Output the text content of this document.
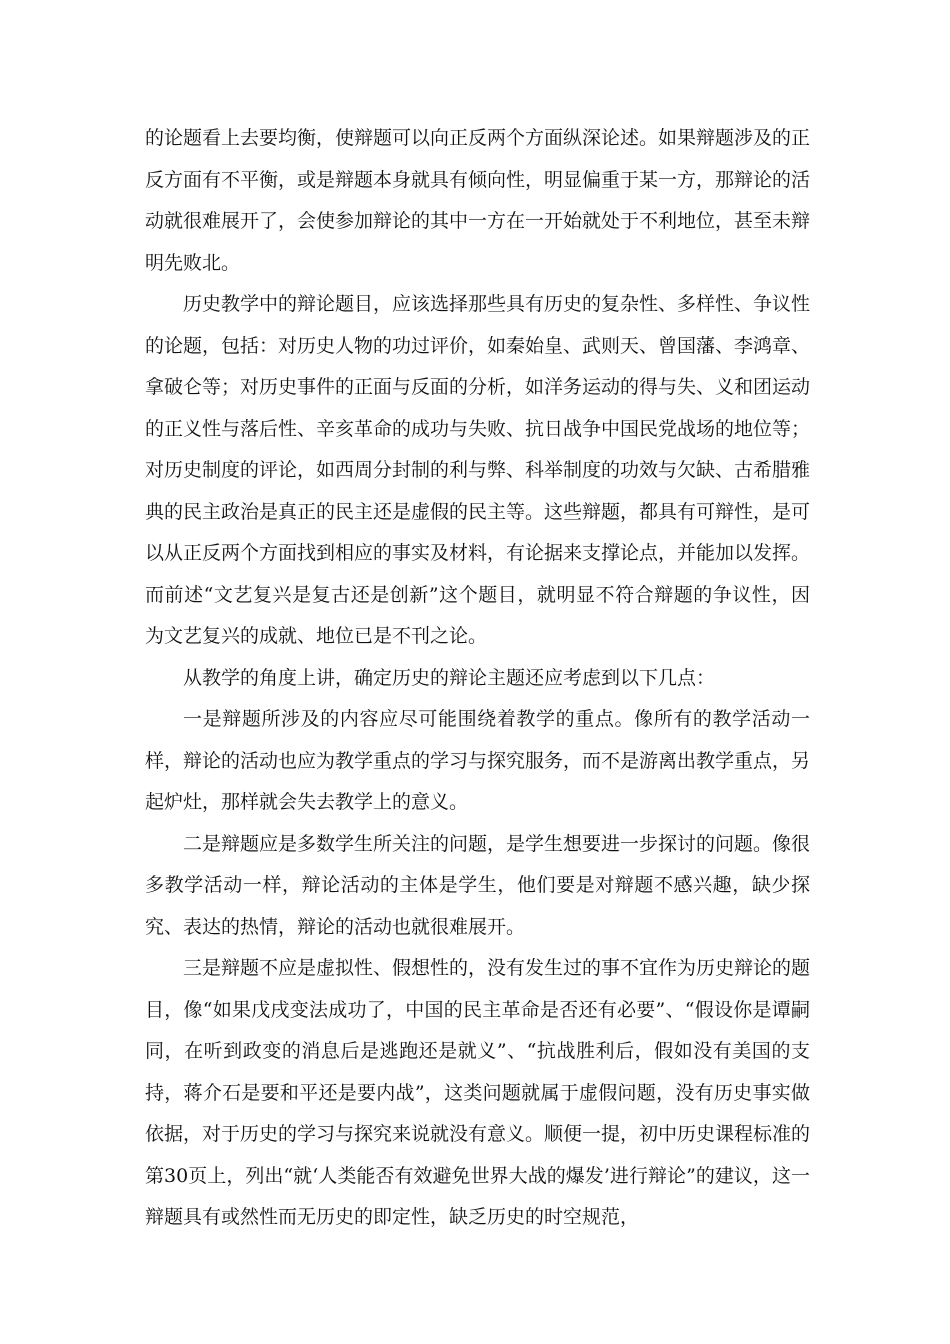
的论题看上去要均衡，使辩题可以向正反两个方面纵深论述。如果辩题涉及的正反方面有不平衡，或是辩题本身就具有倾向性，明显偏重于某一方，那辩论的活动就很难展开了，会使参加辩论的其中一方在一开始就处于不利地位，甚至未辩明先败北。

历史教学中的辩论题目，应该选择那些具有历史的复杂性、多样性、争议性的论题，包括：对历史人物的功过评价，如秦始皇、武则天、曾国藩、李鸿章、拿破仑等；对历史事件的正面与反面的分析，如洋务运动的得与失、义和团运动的正义性与落后性、辛亥革命的成功与失败、抗日战争中国民党战场的地位等；对历史制度的评论，如西周分封制的利与弊、科举制度的功效与欠缺、古希腊雅典的民主政治是真正的民主还是虚假的民主等。这些辩题，都具有可辩性，是可以从正反两个方面找到相应的事实及材料，有论据来支撑论点，并能加以发挥。而前述“文艺复兴是复古还是创新”这个题目，就明显不符合辩题的争议性，因为文艺复兴的成就、地位已是不刊之论。

从教学的角度上讲，确定历史的辩论主题还应考虑到以下几点：

一是辩题所涉及的内容应尽可能围绕着教学的重点。像所有的教学活动一样，辩论的活动也应为教学重点的学习与探究服务，而不是游离出教学重点，另起炉灶，那样就会失去教学上的意义。

二是辩题应是多数学生所关注的问题，是学生想要进一步探讨的问题。像很多教学活动一样，辩论活动的主体是学生，他们要是对辩题不感兴趣，缺少探究、表达的热情，辩论的活动也就很难展开。

三是辩题不应是虚拟性、假想性的，没有发生过的事不宜作为历史辩论的题目，像“如果戊戌变法成功了，中国的民主革命是否还有必要”、“假设你是谭嗣同，在听到政变的消息后是逃跑还是就义”、“抗战胜利后，假如没有美国的支持，蒋介石是要和平还是要内战”，这类问题就属于虚假问题，没有历史事实做依据，对于历史的学习与探究来说就没有意义。顺便一提，初中历史课程标准的第30页上，列出“就‘人类能否有效避免世界大战的爆发’进行辩论”的建议，这一辩题具有或然性而无历史的即定性，缺乏历史的时空规范，
